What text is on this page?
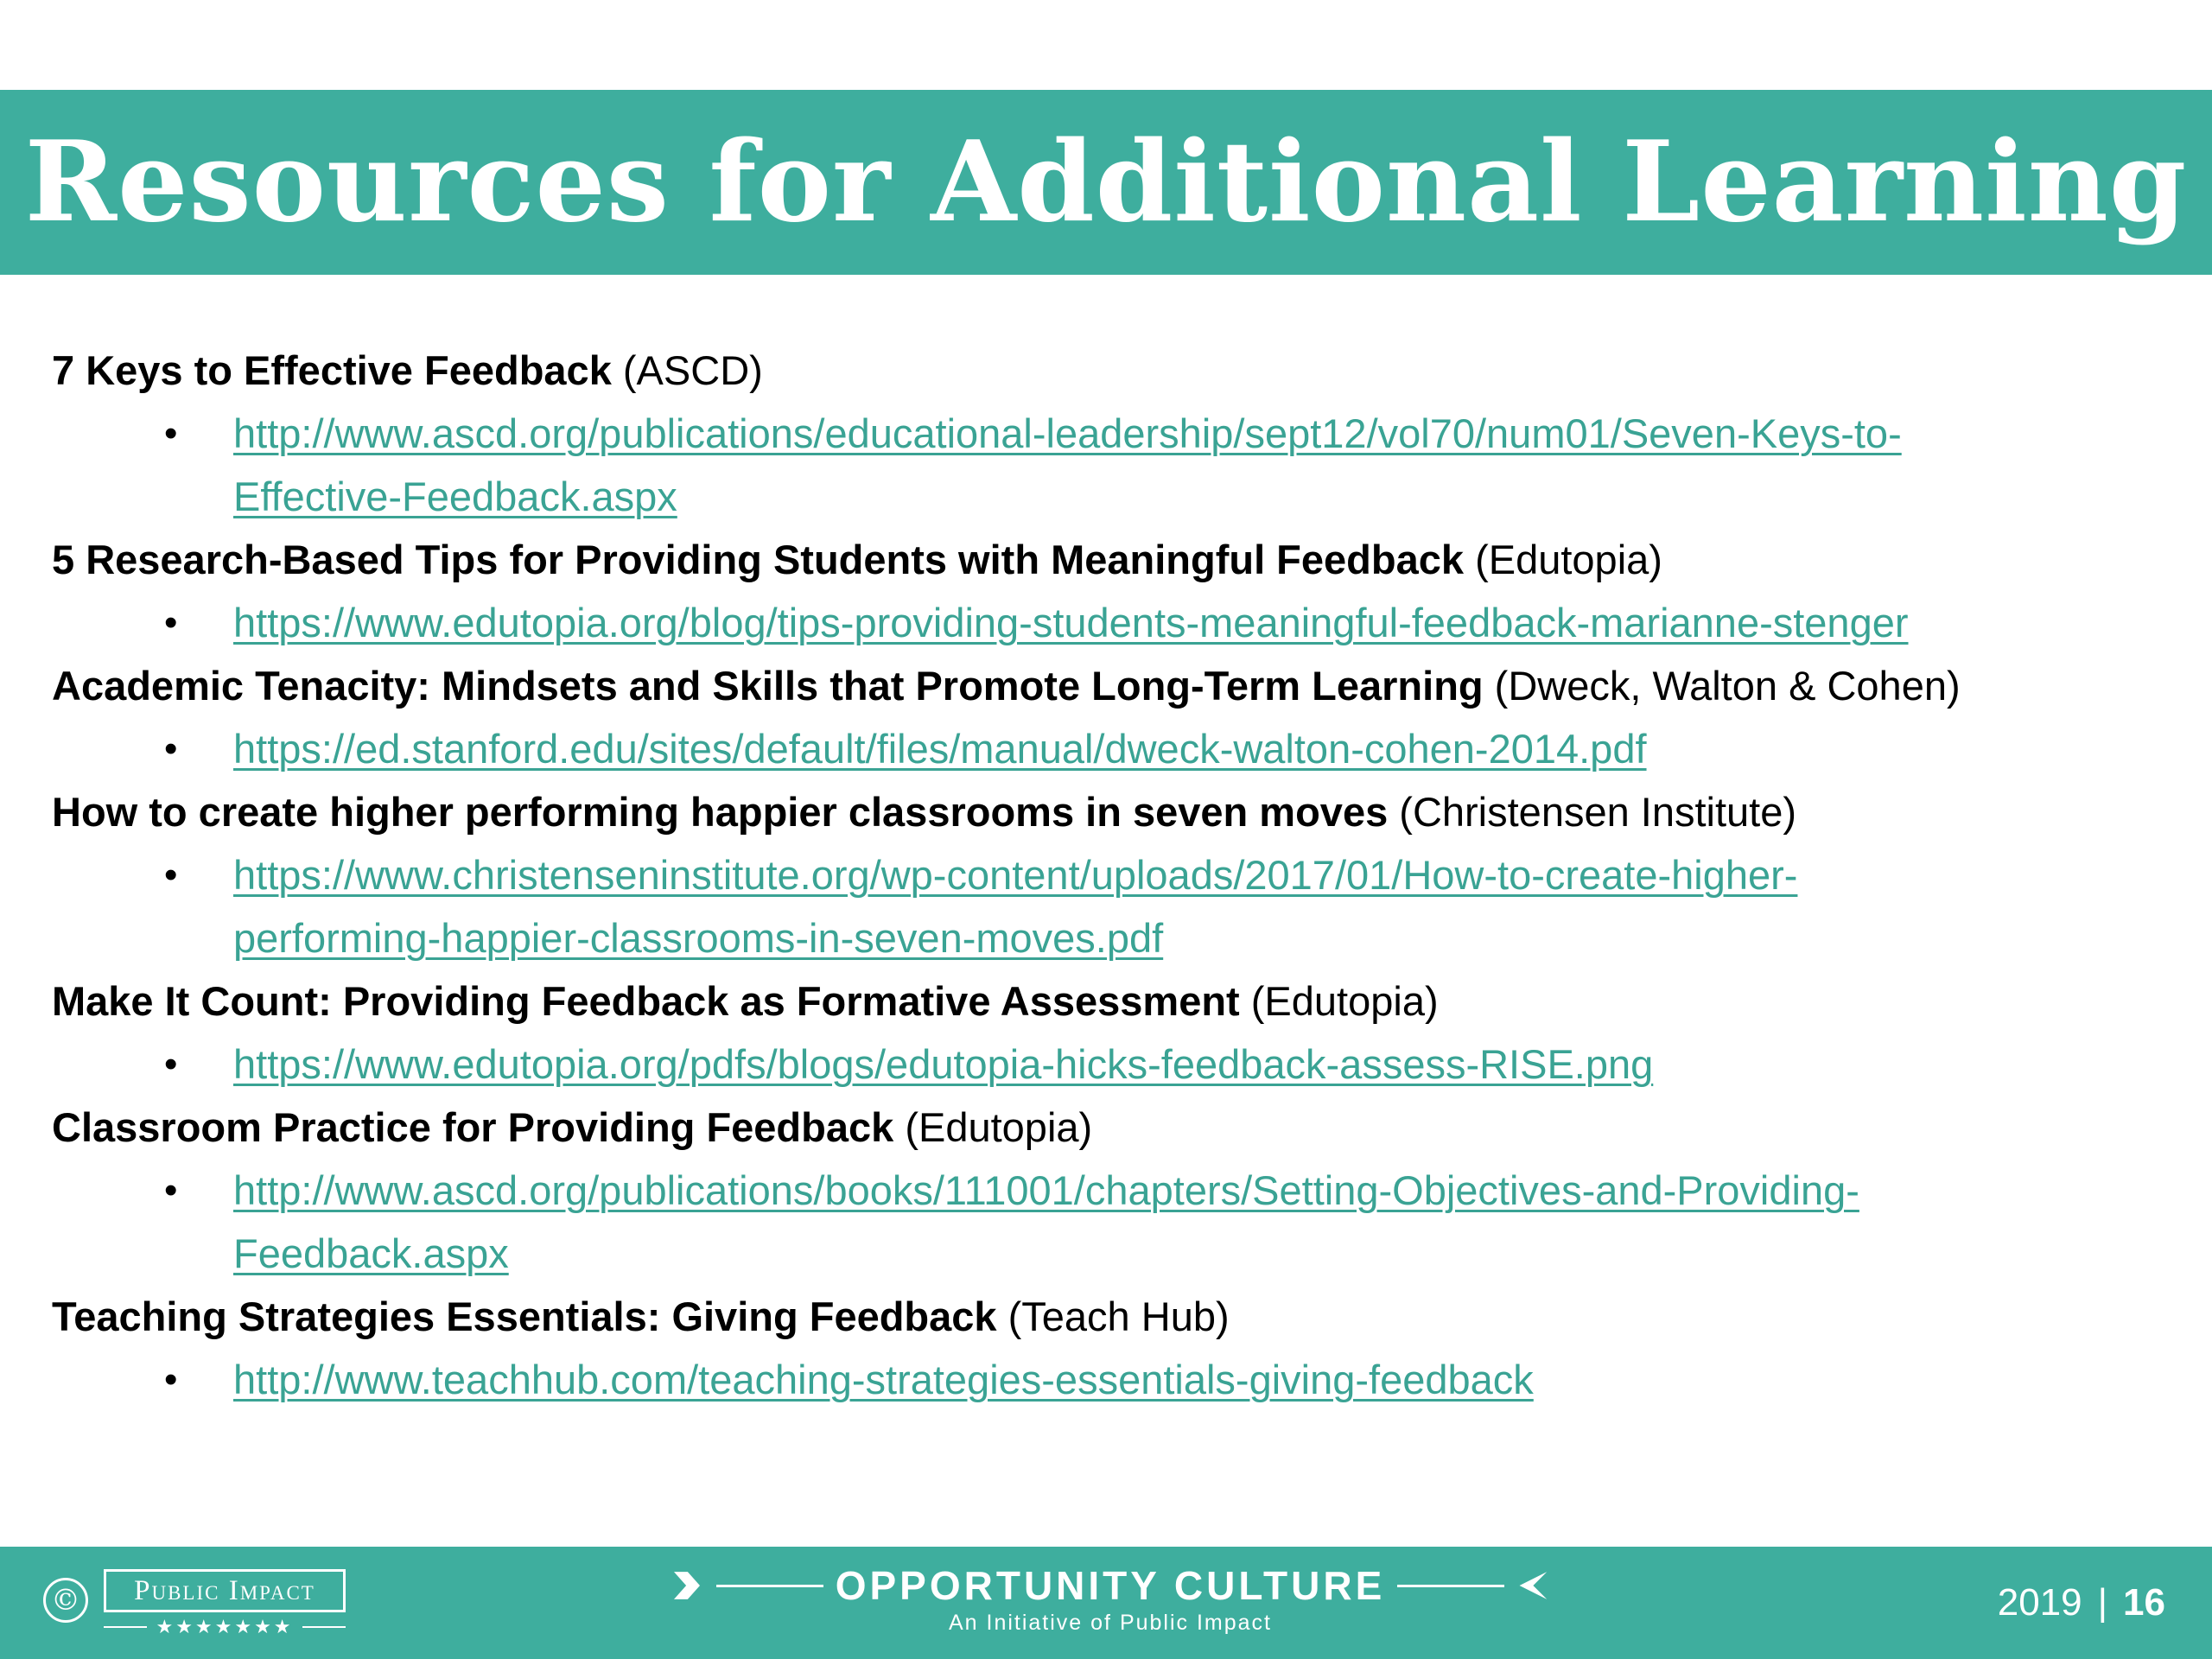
Resources for Additional Learning
7 Keys to Effective Feedback (ASCD)
• http://www.ascd.org/publications/educational-leadership/sept12/vol70/num01/Seven-Keys-to-
Effective-Feedback.aspx
5 Research-Based Tips for Providing Students with Meaningful Feedback (Edutopia)
• https://www.edutopia.org/blog/tips-providing-students-meaningful-feedback-marianne-stenger
Academic Tenacity: Mindsets and Skills that Promote Long-Term Learning (Dweck, Walton & Cohen)
• https://ed.stanford.edu/sites/default/files/manual/dweck-walton-cohen-2014.pdf
How to create higher performing happier classrooms in seven moves (Christensen Institute)
• https://www.christenseninstitute.org/wp-content/uploads/2017/01/How-to-create-higher-
performing-happier-classrooms-in-seven-moves.pdf
Make It Count: Providing Feedback as Formative Assessment (Edutopia)
• https://www.edutopia.org/pdfs/blogs/edutopia-hicks-feedback-assess-RISE.png
Classroom Practice for Providing Feedback (Edutopia)
• http://www.ascd.org/publications/books/111001/chapters/Setting-Objectives-and-Providing-
Feedback.aspx
Teaching Strategies Essentials: Giving Feedback (Teach Hub)
• http://www.teachhub.com/teaching-strategies-essentials-giving-feedback
©	Public Impact
★★★★★★★
OPPORTUNITY CULTURE
An Initiative of Public Impact	2019 | 16
